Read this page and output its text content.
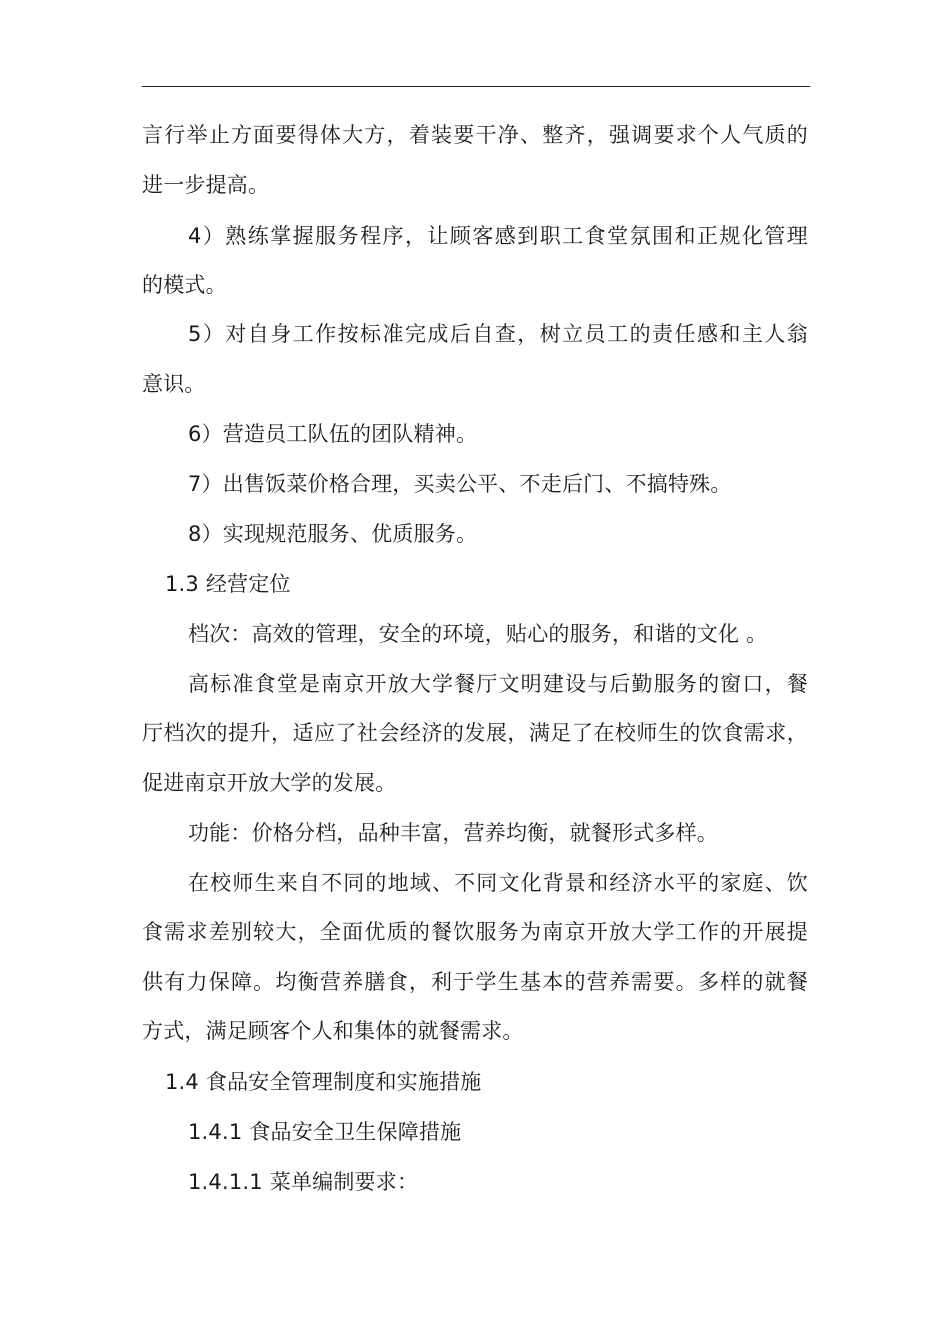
言行举止方面要得体大方，着装要干净、整齐，强调要求个人气质的
进一步提高。
4）熟练掌握服务程序，让顾客感到职工食堂氛围和正规化管理
的模式。
5）对自身工作按标准完成后自查，树立员工的责任感和主人翁
意识。
6）营造员工队伍的团队精神。
7）出售饭菜价格合理，买卖公平、不走后门、不搞特殊。
8）实现规范服务、优质服务。
1.3 经营定位
档次：高效的管理，安全的环境，贴心的服务，和谐的文化 。
高标准食堂是南京开放大学餐厅文明建设与后勤服务的窗口，餐
厅档次的提升，适应了社会经济的发展，满足了在校师生的饮食需求，
促进南京开放大学的发展。
功能：价格分档，品种丰富，营养均衡，就餐形式多样。
在校师生来自不同的地域、不同文化背景和经济水平的家庭、饮
食需求差别较大，全面优质的餐饮服务为南京开放大学工作的开展提
供有力保障。均衡营养膳食，利于学生基本的营养需要。多样的就餐
方式，满足顾客个人和集体的就餐需求。
1.4 食品安全管理制度和实施措施
1.4.1 食品安全卫生保障措施
1.4.1.1 菜单编制要求：
